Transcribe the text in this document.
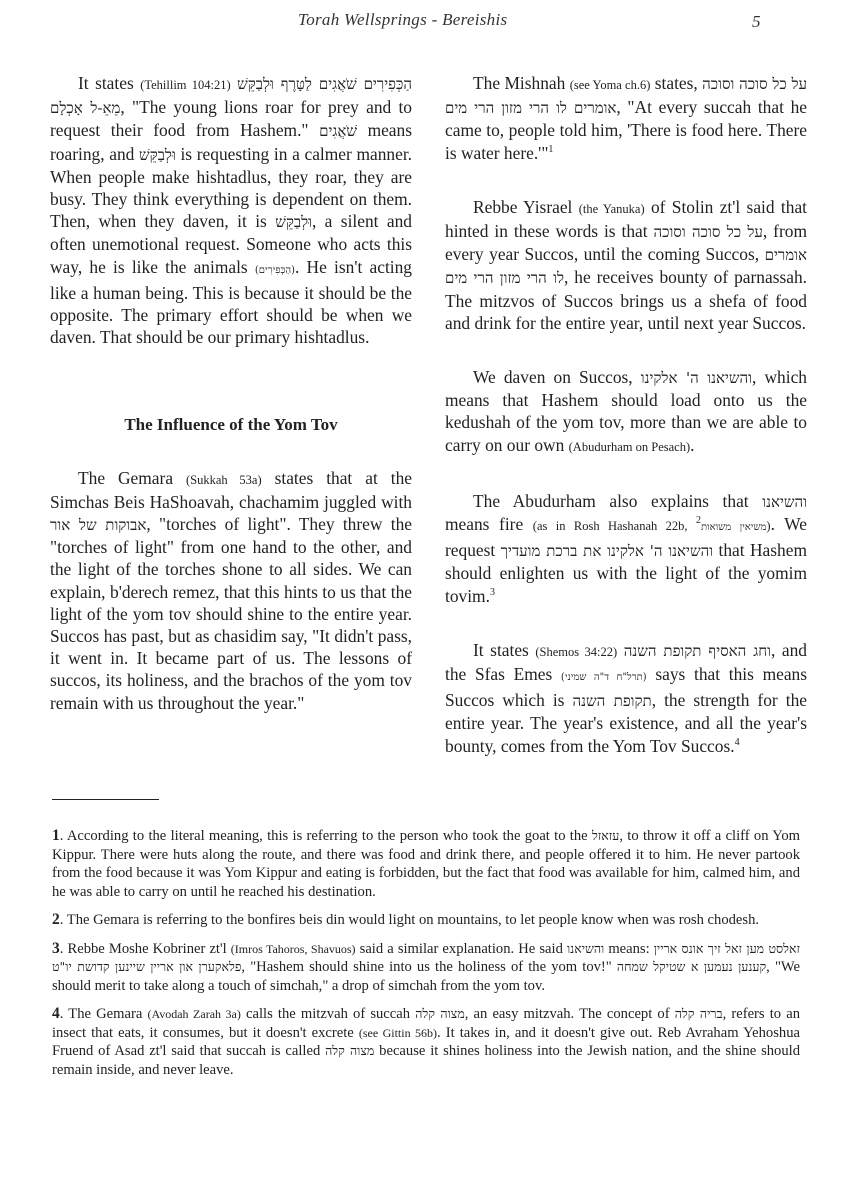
Torah Wellsprings - Bereishis	5

It states (Tehillim 104:21) הַכְּפִירִים שֹׁאֲגִים לַטָּרֶף וּלְבַקֵּשׁ מֵאֵ-ל אָכְלָם, "The young lions roar for prey and to request their food from Hashem." שֹׁאֲגִים means roaring, and וּלְבַקֵּשׁ is requesting in a calmer manner. When people make hishtadlus, they roar, they are busy. They think everything is dependent on them. Then, when they daven, it is וּלְבַקֵּשׁ, a silent and often unemotional request. Someone who acts this way, he is like the animals (הַכְּפִירִים). He isn't acting like a human being. This is because it should be the opposite. The primary effort should be when we daven. That should be our primary hishtadlus.

The Influence of the Yom Tov

The Gemara (Sukkah 53a) states that at the Simchas Beis HaShoavah, chachamim juggled with אבוקות של אור, "torches of light". They threw the "torches of light" from one hand to the other, and the light of the torches shone to all sides. We can explain, b'derech remez, that this hints to us that the light of the yom tov should shine to the entire year. Succos has past, but as chasidim say, "It didn't pass, it went in. It became part of us. The lessons of succos, its holiness, and the brachos of the yom tov remain with us throughout the year."

The Mishnah (see Yoma ch.6) states, על כל סוכה וסוכה אומרים לו הרי מזון הרי מים, "At every succah that he came to, people told him, 'There is food here. There is water here.'"$^1$

Rebbe Yisrael (the Yanuka) of Stolin zt'l said that hinted in these words is that על כל סוכה וסוכה, from every year Succos, until the coming Succos, אומרים לו הרי מזון הרי מים, he receives bounty of parnassah. The mitzvos of Succos brings us a shefa of food and drink for the entire year, until next year Succos.

We daven on Succos, והשיאנו ה' אלקינו, which means that Hashem should load onto us the kedushah of the yom tov, more than we are able to carry on our own (Abudurham on Pesach).

The Abudurham also explains that והשיאנו means fire (as in Rosh Hashanah 22b, $^2$משיאין משואות). We request והשיאנו ה' אלקינו את ברכת מועדיך that Hashem should enlighten us with the light of the yomim tovim.$^3$

It states (Shemos 34:22) וחג האסיף תקופת השנה, and the Sfas Emes (תרל"ח ד"ה שמיני) says that this means Succos which is תקופת השנה, the strength for the entire year. The year's existence, and all the year's bounty, comes from the Yom Tov Succos.$^4$

1. According to the literal meaning, this is referring to the person who took the goat to the עזאזל, to throw it off a cliff on Yom Kippur. There were huts along the route, and there was food and drink there, and people offered it to him. He never partook from the food because it was Yom Kippur and eating is forbidden, but the fact that food was available for him, calmed him, and he was able to carry on until he reached his destination.

2. The Gemara is referring to the bonfires beis din would light on mountains, to let people know when was rosh chodesh.

3. Rebbe Moshe Kobriner zt'l (Imros Tahoros, Shavuos) said a similar explanation. He said והשיאנו means: זאלסט מען זאל זיך אונס אריין פלאקערן און אריין שיינען קדושת יו"ט, "Hashem should shine into us the holiness of the yom tov!" קענען נעמען א שטיקל שמחה, "We should merit to take along a touch of simchah," a drop of simchah from the yom tov.

4. The Gemara (Avodah Zarah 3a) calls the mitzvah of succah מצוה קלה, an easy mitzvah. The concept of בריה קלה, refers to an insect that eats, it consumes, but it doesn't excrete (see Gittin 56b). It takes in, and it doesn't give out. Reb Avraham Yehoshua Fruend of Asad zt'l said that succah is called מצוה קלה because it shines holiness into the Jewish nation, and the shine should remain inside, and never leave.
